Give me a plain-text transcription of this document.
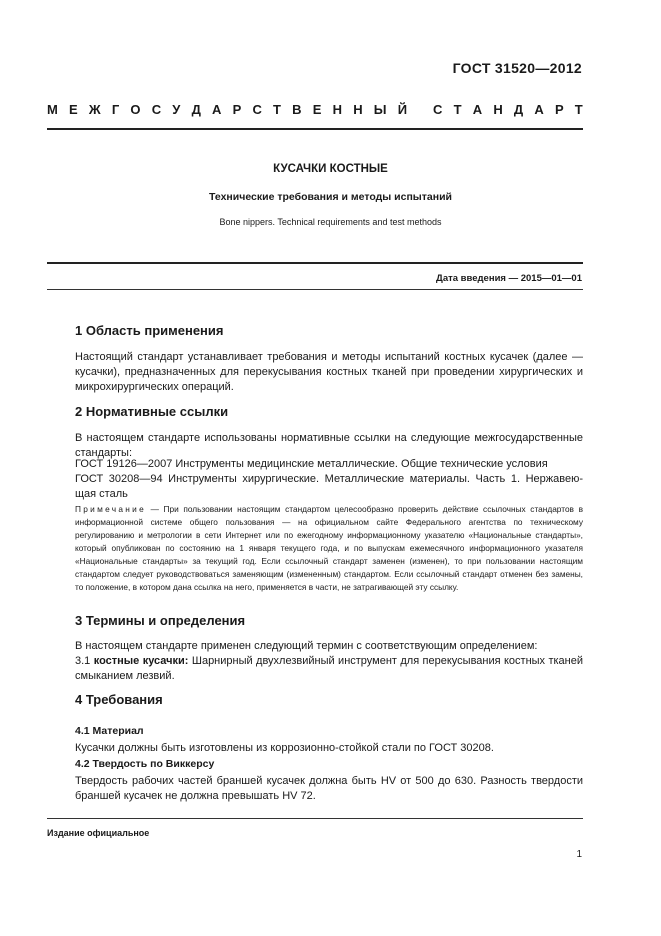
ГОСТ 31520—2012
М Е Ж Г О С У Д А Р С Т В Е Н Н Ы Й
С Т А Н Д А Р Т
КУСАЧКИ КОСТНЫЕ
Технические требования и методы испытаний
Bone nippers. Technical requirements and test methods
Дата введения — 2015—01—01
1 Область применения
Настоящий стандарт устанавливает требования и методы испытаний костных кусачек (далее — кусачки), предназначенных для перекусывания костных тканей при проведении хирургических и микрохирургических операций.
2 Нормативные ссылки
В настоящем стандарте использованы нормативные ссылки на следующие межгосударственные стандарты:
ГОСТ 19126—2007 Инструменты медицинские металлические. Общие технические условия
ГОСТ 30208—94 Инструменты хирургические. Металлические материалы. Часть 1. Нержавею-щая сталь
Примечание — При пользовании настоящим стандартом целесообразно проверить действие ссылочных стандартов в информационной системе общего пользования — на официальном сайте Федерального агентства по техническому регулированию и метрологии в сети Интернет или по ежегодному информационному указателю «Национальные стандарты», который опубликован по состоянию на 1 января текущего года, и по выпускам ежемесячного информационного указателя «Национальные стандарты» за текущий год. Если ссылочный стандарт заменен (изменен), то при пользовании настоящим стандартом следует руководствоваться заменяющим (измененным) стандартом. Если ссылочный стандарт отменен без замены, то положение, в котором дана ссылка на него, применяется в части, не затрагивающей эту ссылку.
3 Термины и определения
В настоящем стандарте применен следующий термин с соответствующим определением:
3.1 костные кусачки: Шарнирный двухлезвийный инструмент для перекусывания костных тканей смыканием лезвий.
4 Требования
4.1 Материал
Кусачки должны быть изготовлены из коррозионно-стойкой стали по ГОСТ 30208.
4.2 Твердость по Виккерсу
Твердость рабочих частей браншей кусачек должна быть HV от 500 до 630. Разность твердости браншей кусачек не должна превышать HV 72.
Издание официальное
1
